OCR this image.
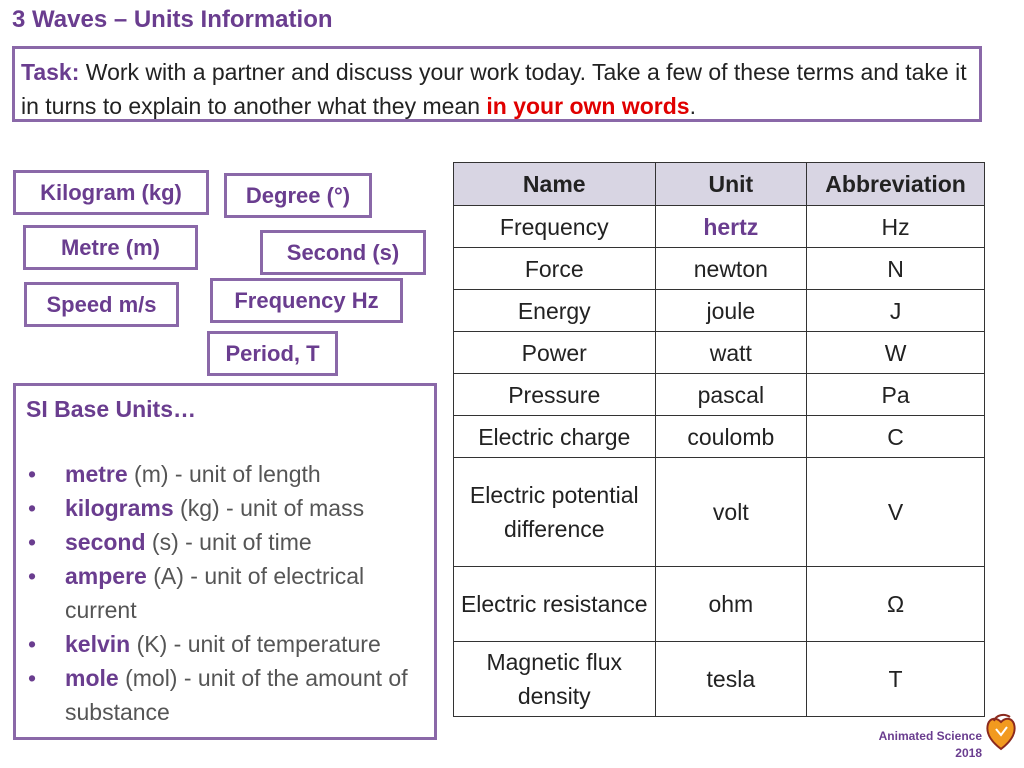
3 Waves – Units Information
Task: Work with a partner and discuss your work today. Take a few of these terms and take it in turns to explain to another what they mean in your own words.
Kilogram (kg)	Degree (°)
Metre (m)	Second (s)
Speed m/s	Frequency Hz
Period, T
SI Base Units…
• metre (m) - unit of length
• kilograms (kg) - unit of mass
• second (s) - unit of time
• ampere (A) - unit of electrical current
• kelvin (K) - unit of temperature
• mole (mol) - unit of the amount of substance
Name	Unit	Abbreviation
Frequency	hertz	Hz
Force	newton	N
Energy	joule	J
Power	watt	W
Pressure	pascal	Pa
Electric charge	coulomb	C
Electric potential difference	volt	V
Electric resistance	ohm	Ω
Magnetic flux density	tesla	T
Animated Science
2018
